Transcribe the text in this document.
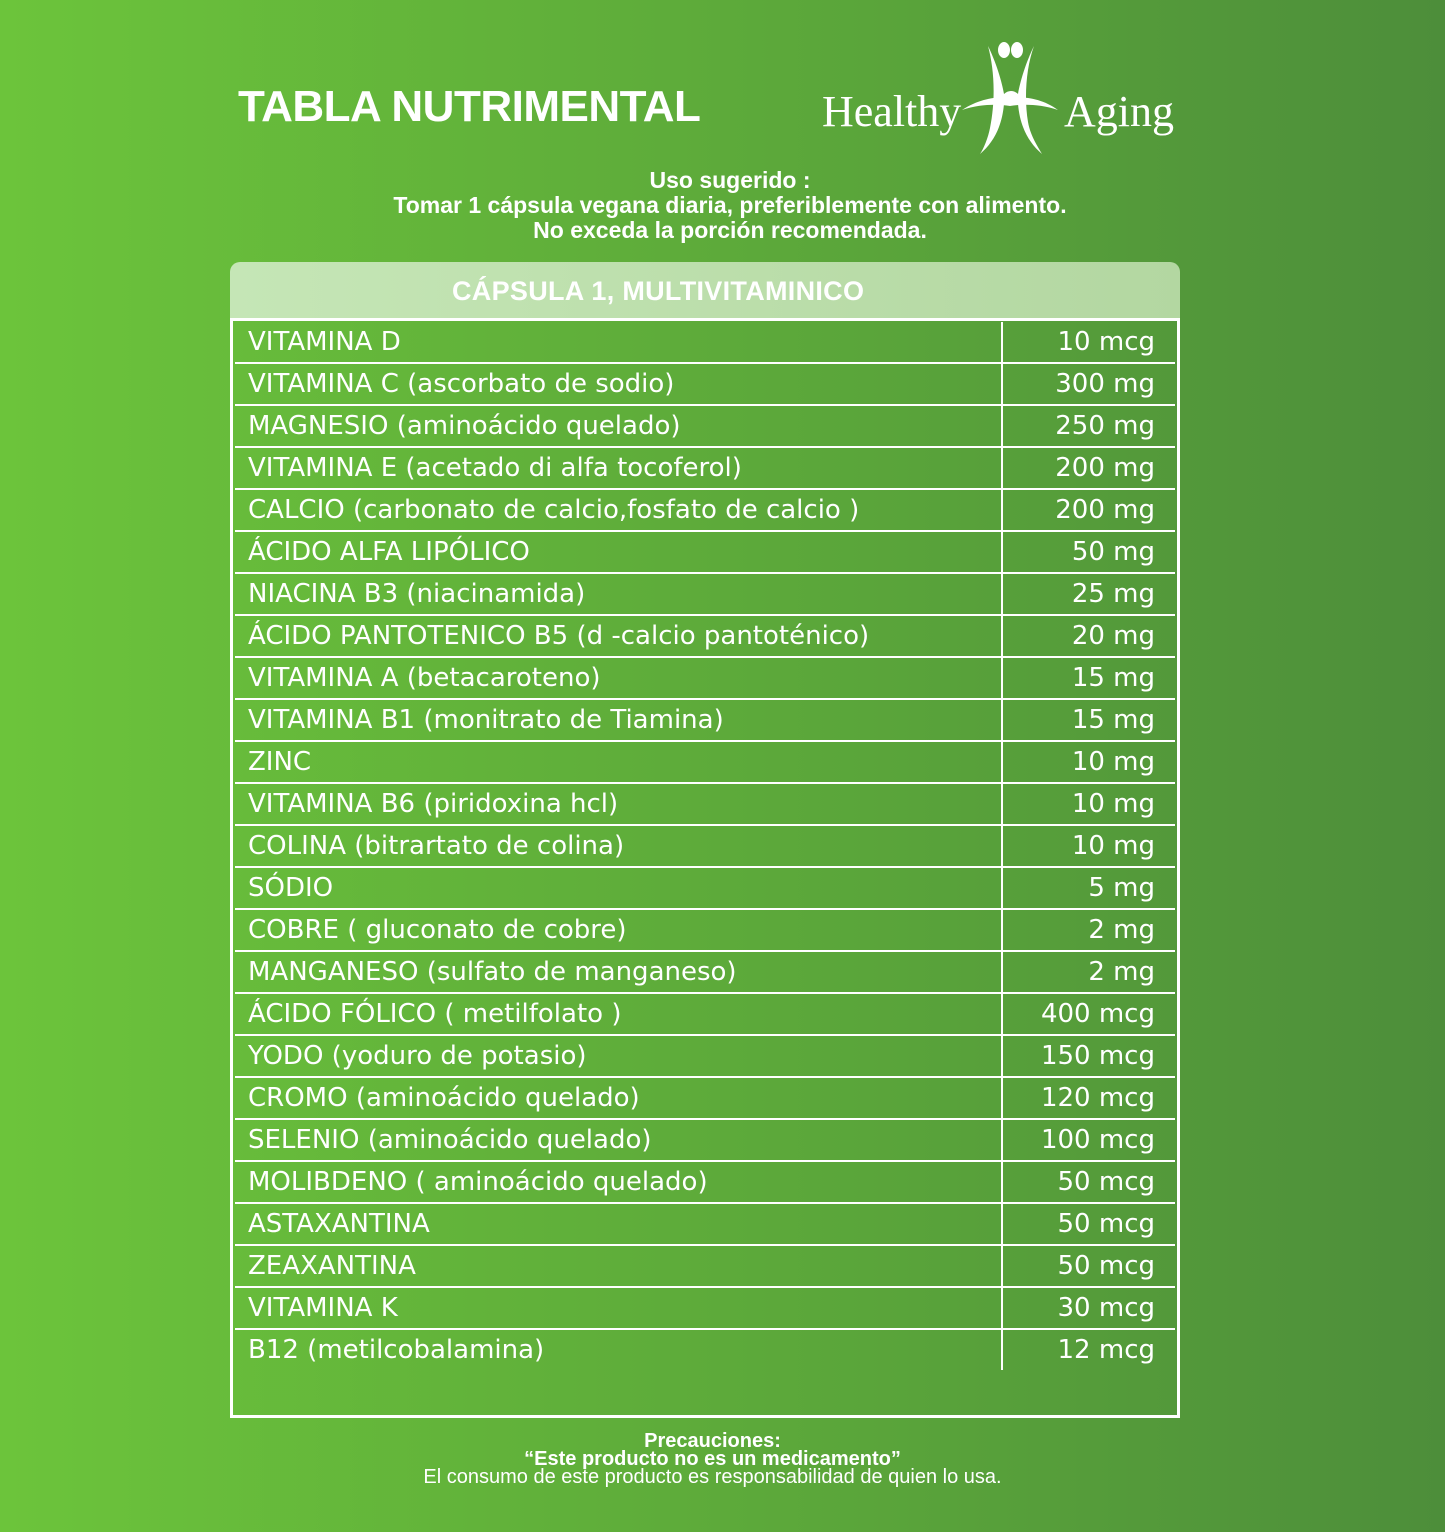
TABLA NUTRIMENTAL	Healthy Aging
Uso sugerido :
Tomar 1 cápsula vegana diaria, preferiblemente con alimento.
No exceda la porción recomendada.
CÁPSULA 1, MULTIVITAMINICO
VITAMINA D	10 mcg
VITAMINA C (ascorbato de sodio)	300 mg
MAGNESIO (aminoácido quelado)	250 mg
VITAMINA E (acetado di alfa tocoferol)	200 mg
CALCIO (carbonato de calcio,fosfato de calcio )	200 mg
ÁCIDO ALFA LIPÓLICO	50 mg
NIACINA B3 (niacinamida)	25 mg
ÁCIDO PANTOTENICO B5 (d -calcio pantoténico)	20 mg
VITAMINA A (betacaroteno)	15 mg
VITAMINA B1 (monitrato de Tiamina)	15 mg
ZINC	10 mg
VITAMINA B6 (piridoxina hcl)	10 mg
COLINA (bitrartato de colina)	10 mg
SÓDIO	5 mg
COBRE ( gluconato de cobre)	2 mg
MANGANESO (sulfato de manganeso)	2 mg
ÁCIDO FÓLICO ( metilfolato )	400 mcg
YODO (yoduro de potasio)	150 mcg
CROMO (aminoácido quelado)	120 mcg
SELENIO (aminoácido quelado)	100 mcg
MOLIBDENO ( aminoácido quelado)	50 mcg
ASTAXANTINA	50 mcg
ZEAXANTINA	50 mcg
VITAMINA K	30 mcg
B12 (metilcobalamina)	12 mcg
Precauciones:
“Este producto no es un medicamento”
El consumo de este producto es responsabilidad de quien lo usa.
